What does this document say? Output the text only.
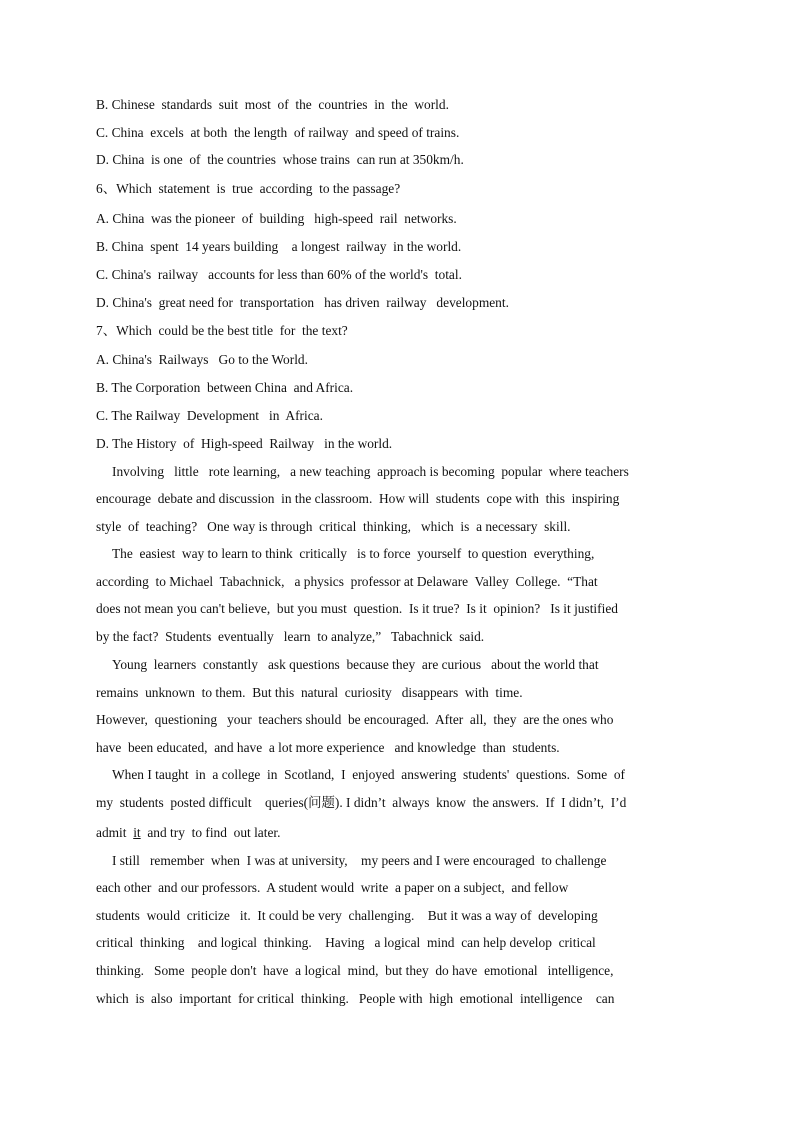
B. Chinese  standards  suit  most  of  the  countries  in  the  world.
C. China  excels  at both  the length  of railway  and speed of trains.
D. China  is one  of  the countries  whose trains  can run at 350km/h.
6、Which  statement  is  true  according  to the passage?
A. China  was the pioneer  of  building   high-speed  rail  networks.
B. China  spent  14 years building    a longest  railway  in the world.
C. China's  railway   accounts for less than 60% of the world's  total.
D. China's  great need for  transportation   has driven  railway   development.
7、Which  could be the best title  for  the text?
A. China's  Railways   Go to the World.
B. The Corporation  between China  and Africa.
C. The Railway  Development   in  Africa.
D. The History  of  High-speed  Railway   in the world.
Involving   little   rote learning,   a new teaching  approach is becoming  popular  where teachers
encourage  debate and discussion  in the classroom.  How will  students  cope with  this  inspiring
style  of  teaching?   One way is through  critical  thinking,   which  is  a necessary  skill.
The  easiest  way to learn to think  critically   is to force  yourself  to question  everything,
according  to Michael  Tabachnick,   a physics  professor at Delaware  Valley  College.  “That
does not mean you can't believe,  but you must  question.  Is it true?  Is it  opinion?   Is it justified
by the fact?  Students  eventually   learn  to analyze,”   Tabachnick  said.
Young  learners  constantly   ask questions  because they  are curious   about the world that
remains  unknown  to them.  But this  natural  curiosity   disappears  with  time.
However,  questioning   your  teachers should  be encouraged.  After  all,  they  are the ones who
have  been educated,  and have  a lot more experience   and knowledge  than  students.
When I taught  in  a college  in  Scotland,  I  enjoyed  answering  students'  questions.  Some  of
my  students  posted difficult    queries(问题). I didn’t  always  know  the answers.  If  I didn’t,  I’d
admit  it  and try  to find  out later.
I still   remember  when  I was at university,    my peers and I were encouraged  to challenge
each other  and our professors.  A student would  write  a paper on a subject,  and fellow
students  would  criticize   it.  It could be very  challenging.    But it was a way of  developing
critical  thinking    and logical  thinking.    Having   a logical  mind  can help develop  critical
thinking.   Some  people don't  have  a logical  mind,  but they  do have  emotional   intelligence,
which  is  also  important  for critical  thinking.   People with  high  emotional  intelligence    can
